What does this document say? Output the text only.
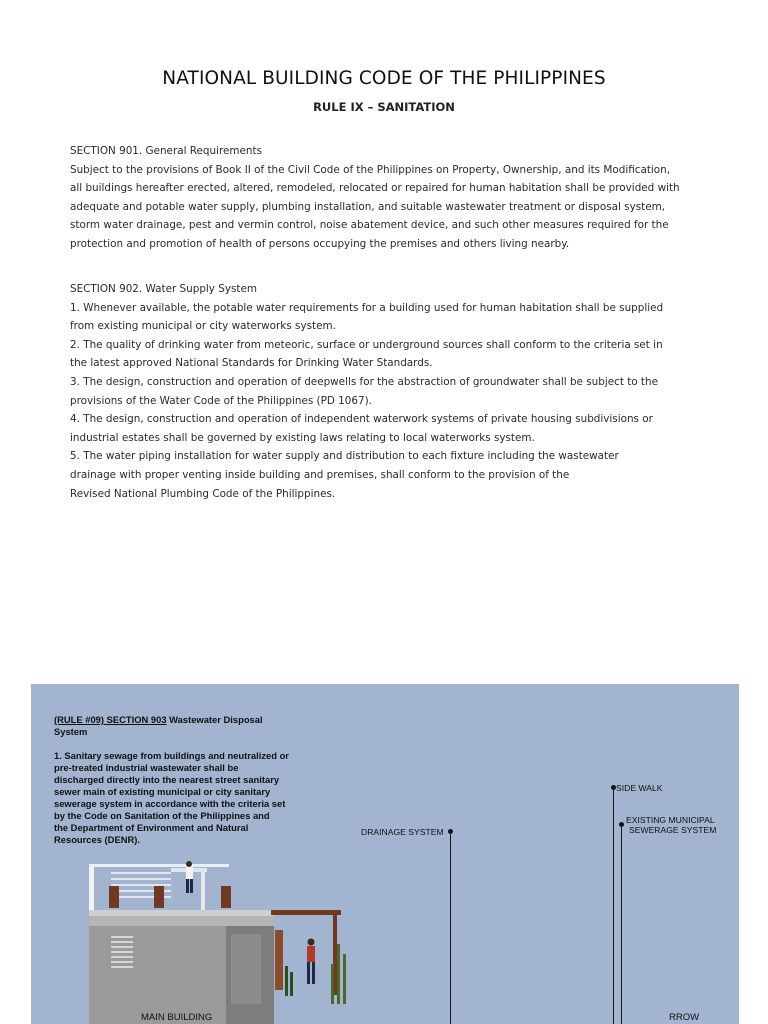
NATIONAL BUILDING CODE OF THE PHILIPPINES
RULE IX – SANITATION
SECTION 901. General Requirements
Subject to the provisions of Book II of the Civil Code of the Philippines on Property, Ownership, and its Modification,
all buildings hereafter erected, altered, remodeled, relocated or repaired for human habitation shall be provided with
adequate and potable water supply, plumbing installation, and suitable wastewater treatment or disposal system,
storm water drainage, pest and vermin control, noise abatement device, and such other measures required for the
protection and promotion of health of persons occupying the premises and others living nearby.
SECTION 902. Water Supply System
1. Whenever available, the potable water requirements for a building used for human habitation shall be supplied
from existing municipal or city waterworks system.
2. The quality of drinking water from meteoric, surface or underground sources shall conform to the criteria set in
the latest approved National Standards for Drinking Water Standards.
3. The design, construction and operation of deepwells for the abstraction of groundwater shall be subject to the
provisions of the Water Code of the Philippines (PD 1067).
4. The design, construction and operation of independent waterwork systems of private housing subdivisions or
industrial estates shall be governed by existing laws relating to local waterworks system.
5. The water piping installation for water supply and distribution to each fixture including the wastewater
drainage with proper venting inside building and premises, shall conform to the provision of the
Revised National Plumbing Code of the Philippines.

(RULE #09) SECTION 903 Wastewater Disposal
System

1. Sanitary sewage from buildings and neutralized or
pre-treated industrial wastewater shall be
discharged directly into the nearest street sanitary
sewer main of existing municipal or city sanitary
sewerage system in accordance with the criteria set
by the Code on Sanitation of the Philippines and
the Department of Environment and Natural
Resources (DENR).
DRAINAGE SYSTEM
SIDE WALK
EXISTING MUNICIPAL
SEWERAGE SYSTEM
MAIN BUILDING	RROW
